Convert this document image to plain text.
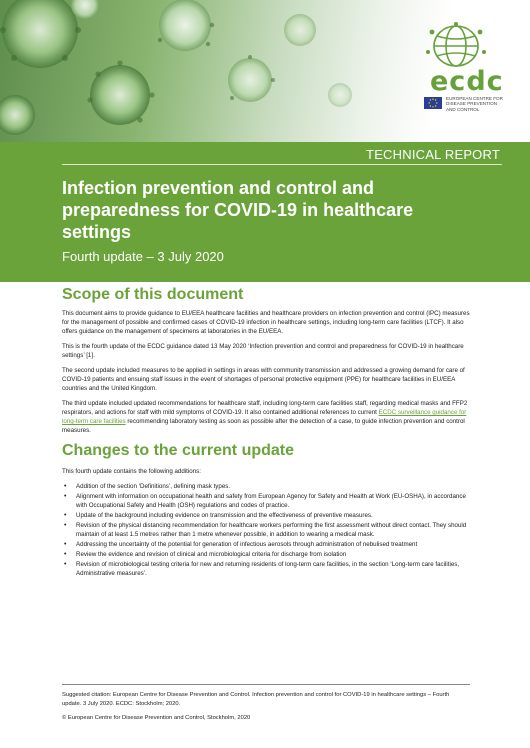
ecdc
EUROPEAN CENTRE FOR
DISEASE PREVENTION
AND CONTROL
TECHNICAL REPORT
Infection prevention and control and preparedness for COVID-19 in healthcare settings

Fourth update – 3 July 2020

Scope of this document

This document aims to provide guidance to EU/EEA healthcare facilities and healthcare providers on infection prevention and control (IPC) measures for the management of possible and confirmed cases of COVID-19 infection in healthcare settings, including long-term care facilities (LTCF). It also offers guidance on the management of specimens at laboratories in the EU/EEA.

This is the fourth update of the ECDC guidance dated 13 May 2020 ‘Infection prevention and control and preparedness for COVID-19 in healthcare settings’ [1].

The second update included measures to be applied in settings in areas with community transmission and addressed a growing demand for care of COVID-19 patients and ensuing staff issues in the event of shortages of personal protective equipment (PPE) for healthcare facilities in EU/EEA countries and the United Kingdom.

The third update included updated recommendations for healthcare staff, including long-term care facilities staff, regarding medical masks and FFP2 respirators, and actions for staff with mild symptoms of COVID-19. It also contained additional references to current ECDC surveillance guidance for long-term care facilities recommending laboratory testing as soon as possible after the detection of a case, to guide infection prevention and control measures.

Changes to the current update

This fourth update contains the following additions:

• Addition of the section ‘Definitions’, defining mask types.
• Alignment with information on occupational health and safety from European Agency for Safety and Health at Work (EU-OSHA), in accordance with Occupational Safety and Health (OSH) regulations and codes of practice.
• Update of the background including evidence on transmission and the effectiveness of preventive measures.
• Revision of the physical distancing recommendation for healthcare workers performing the first assessment without direct contact. They should maintain of at least 1.5 metres rather than 1 metre whenever possible, in addition to wearing a medical mask.
• Addressing the uncertainty of the potential for generation of infectious aerosols through administration of nebulised treatment
• Review the evidence and revision of clinical and microbiological criteria for discharge from isolation
• Revision of microbiological testing criteria for new and returning residents of long-term care facilities, in the section ‘Long-term care facilities, Administrative measures’.

Suggested citation: European Centre for Disease Prevention and Control. Infection prevention and control for COVID-19 in healthcare settings – Fourth update. 3 July 2020. ECDC: Stockholm; 2020.

© European Centre for Disease Prevention and Control, Stockholm, 2020
